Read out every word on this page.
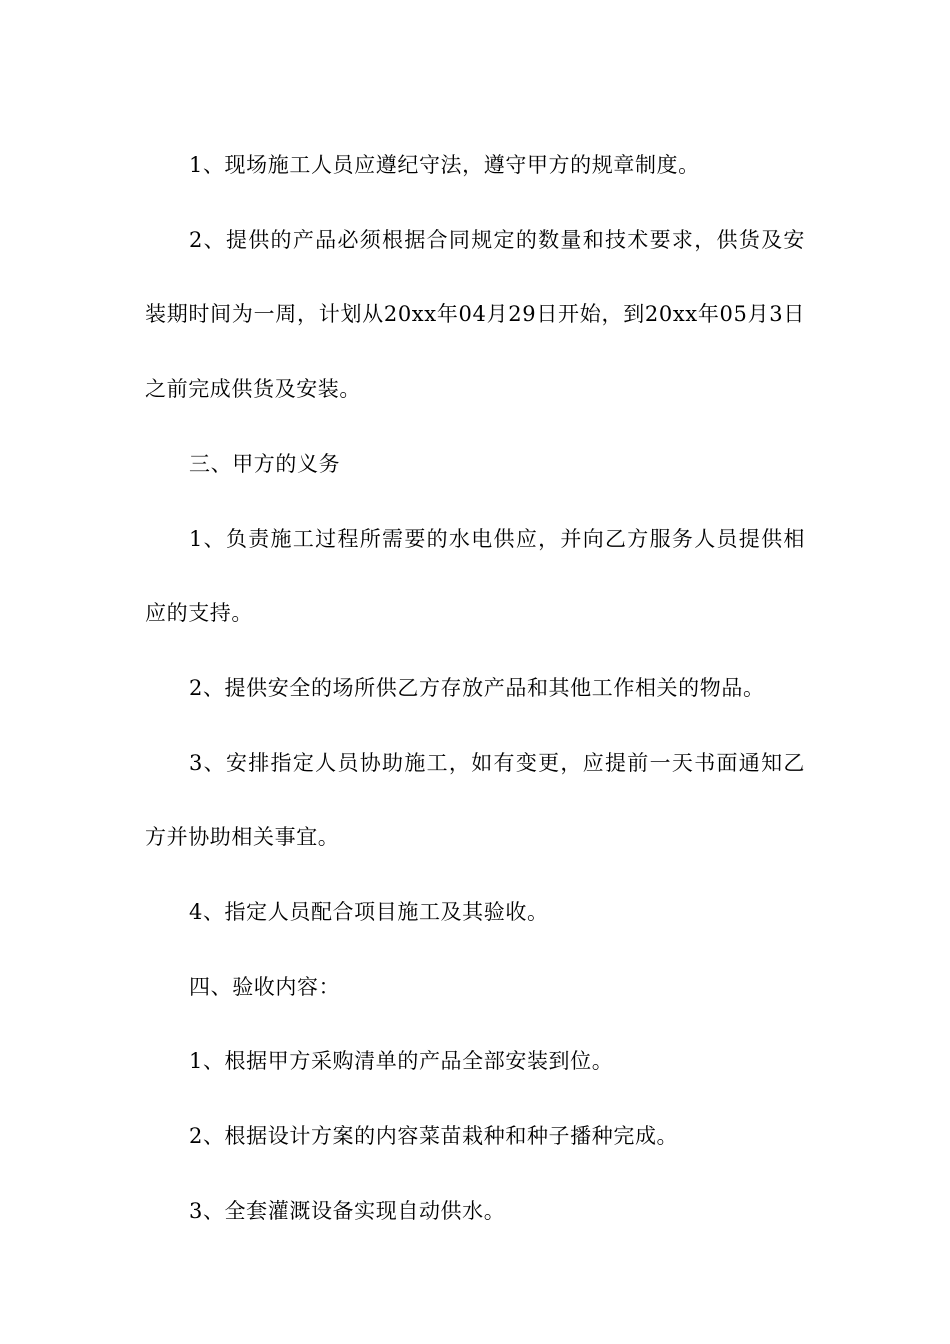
1、现场施工人员应遵纪守法，遵守甲方的规章制度。

2、提供的产品必须根据合同规定的数量和技术要求，供货及安装期时间为一周，计划从20xx年04月29日开始，到20xx年05月3日之前完成供货及安装。

三、甲方的义务

1、负责施工过程所需要的水电供应，并向乙方服务人员提供相应的支持。

2、提供安全的场所供乙方存放产品和其他工作相关的物品。

3、安排指定人员协助施工，如有变更，应提前一天书面通知乙方并协助相关事宜。

4、指定人员配合项目施工及其验收。

四、验收内容：

1、根据甲方采购清单的产品全部安装到位。

2、根据设计方案的内容菜苗栽种和种子播种完成。

3、全套灌溉设备实现自动供水。
